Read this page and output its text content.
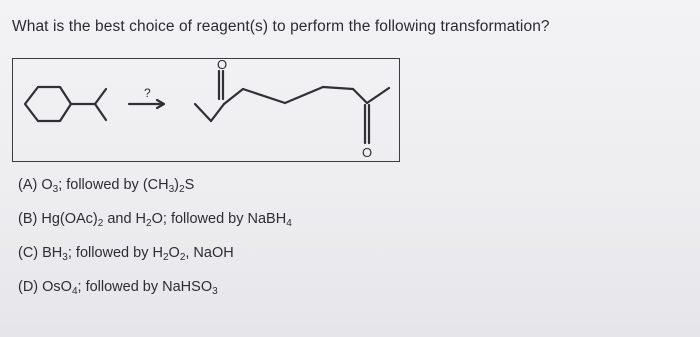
What is the best choice of reagent(s) to perform the following transformation?
?
O
O
(A) $O_3$; followed by $(CH_3)_2S$
(B) $Hg(OAc)_2$ and $H_2O$; followed by NaBH$_4$
(C) $BH_3$; followed by $H_2O_2$, NaOH
(D) OsO$_4$; followed by NaHSO$_3$
